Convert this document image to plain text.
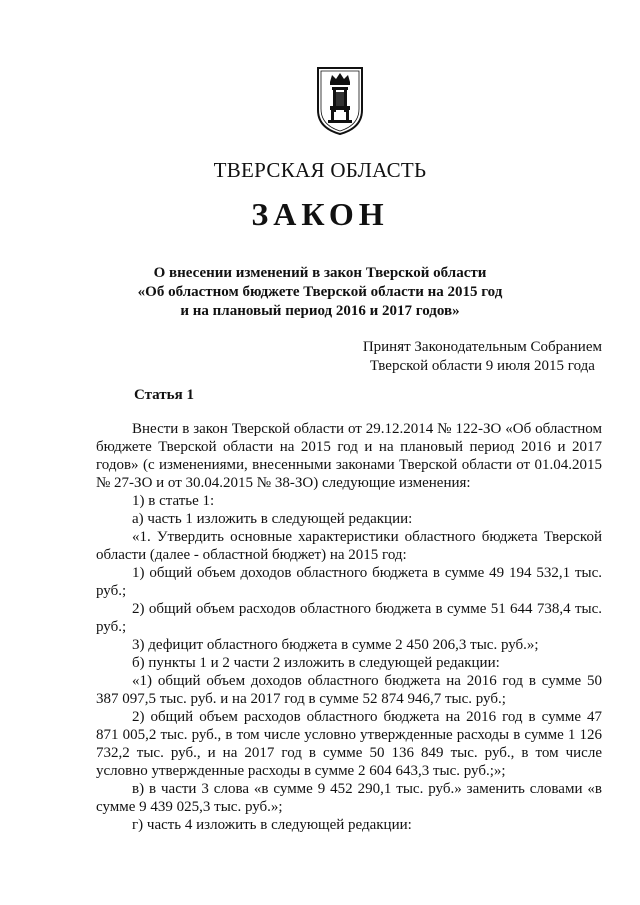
ТВЕРСКАЯ ОБЛАСТЬ
ЗАКОН
О внесении изменений в закон Тверской области
«Об областном бюджете Тверской области на 2015 год
и на плановый период 2016 и 2017 годов»
Принят Законодательным Собранием
Тверской области 9 июля 2015 года
Статья 1

Внести в закон Тверской области от 29.12.2014 № 122-ЗО «Об областном бюджете Тверской области на 2015 год и на плановый период 2016 и 2017 годов» (с изменениями, внесенными законами Тверской области от 01.04.2015 № 27-ЗО и от 30.04.2015 № 38-ЗО) следующие изменения:

1) в статье 1:

а) часть 1 изложить в следующей редакции:

«1. Утвердить основные характеристики областного бюджета Тверской области (далее - областной бюджет) на 2015 год:

1) общий объем доходов областного бюджета в сумме 49 194 532,1 тыс. руб.;

2) общий объем расходов областного бюджета в сумме 51 644 738,4 тыс. руб.;

3) дефицит областного бюджета в сумме 2 450 206,3 тыс. руб.»;

б) пункты 1 и 2 части 2 изложить в следующей редакции:

«1) общий объем доходов областного бюджета на 2016 год в сумме 50 387 097,5 тыс. руб. и на 2017 год в сумме 52 874 946,7 тыс. руб.;

2) общий объем расходов областного бюджета на 2016 год в сумме 47 871 005,2 тыс. руб., в том числе условно утвержденные расходы в сумме 1 126 732,2 тыс. руб., и на 2017 год в сумме 50 136 849 тыс. руб., в том числе условно утвержденные расходы в сумме 2 604 643,3 тыс. руб.;»;

в) в части 3 слова «в сумме 9 452 290,1 тыс. руб.» заменить словами «в сумме 9 439 025,3 тыс. руб.»;

г) часть 4 изложить в следующей редакции:
